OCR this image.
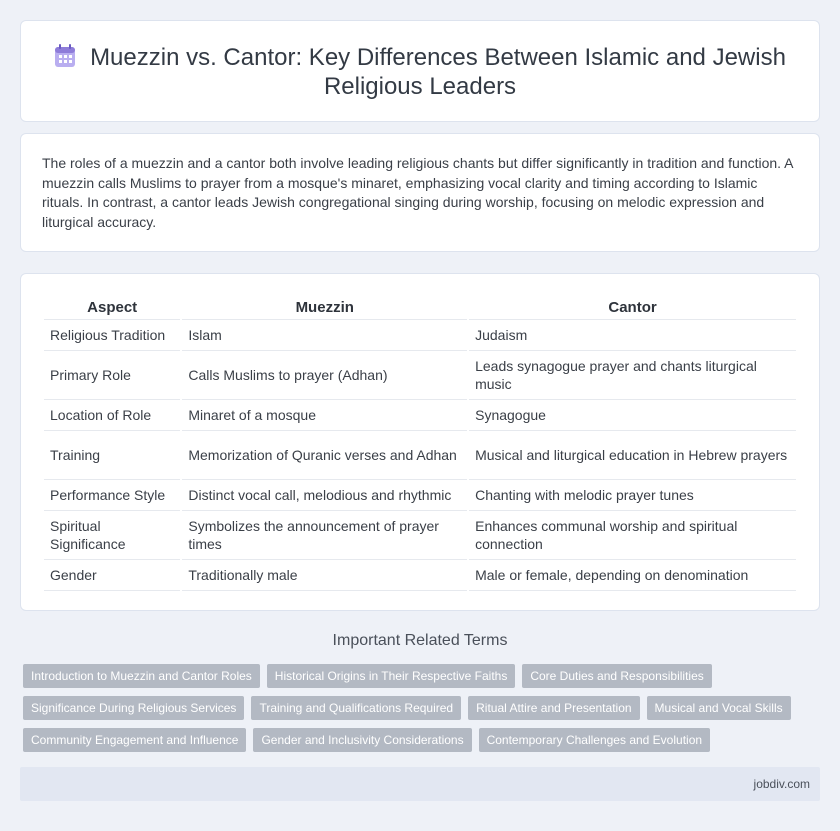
Muezzin vs. Cantor: Key Differences Between Islamic and Jewish Religious Leaders

The roles of a muezzin and a cantor both involve leading religious chants but differ significantly in tradition and function. A muezzin calls Muslims to prayer from a mosque's minaret, emphasizing vocal clarity and timing according to Islamic rituals. In contrast, a cantor leads Jewish congregational singing during worship, focusing on melodic expression and liturgical accuracy.

Aspect	Muezzin	Cantor
Religious Tradition	Islam	Judaism
Primary Role	Calls Muslims to prayer (Adhan)	Leads synagogue prayer and chants liturgical music
Location of Role	Minaret of a mosque	Synagogue
Training	Memorization of Quranic verses and Adhan	Musical and liturgical education in Hebrew prayers
Performance Style	Distinct vocal call, melodious and rhythmic	Chanting with melodic prayer tunes
Spiritual Significance	Symbolizes the announcement of prayer times	Enhances communal worship and spiritual connection
Gender	Traditionally male	Male or female, depending on denomination
Important Related Terms
Introduction to Muezzin and Cantor Roles	Historical Origins in Their Respective Faiths	Core Duties and Responsibilities
Significance During Religious Services	Training and Qualifications Required	Ritual Attire and Presentation	Musical and Vocal Skills
Community Engagement and Influence	Gender and Inclusivity Considerations	Contemporary Challenges and Evolution
jobdiv.com
